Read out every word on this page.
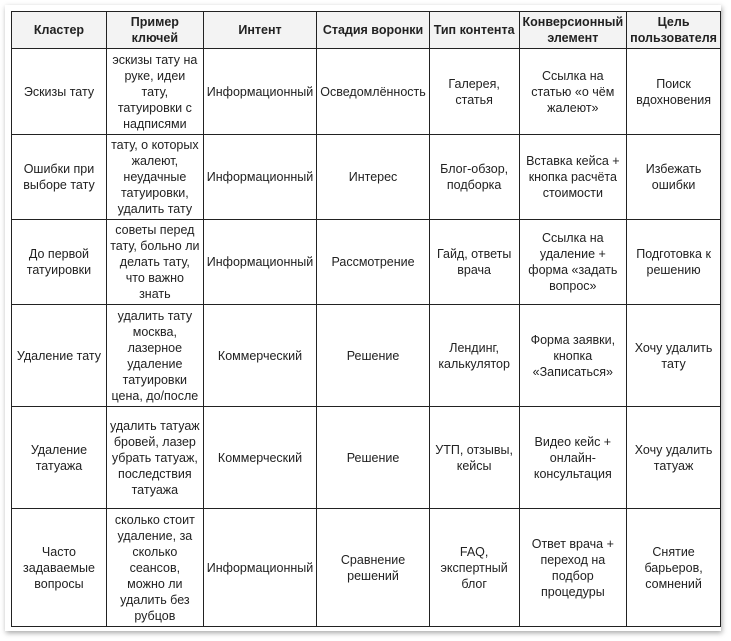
Кластер	Пример ключей	Интент	Стадия воронки	Тип контента	Конверсионный элемент	Цель пользователя
Эскизы тату	эскизы тату на руке, идеи тату, татуировки с надписями	Информационный	Осведомлённость	Галерея, статья	Ссылка на статью «о чём жалеют»	Поиск вдохновения
Ошибки при выборе тату	тату, о которых жалеют, неудачные татуировки, удалить тату	Информационный	Интерес	Блог-обзор, подборка	Вставка кейса + кнопка расчёта стоимости	Избежать ошибки
До первой татуировки	советы перед тату, больно ли делать тату, что важно знать	Информационный	Рассмотрение	Гайд, ответы врача	Ссылка на удаление + форма «задать вопрос»	Подготовка к решению
Удаление тату	удалить тату москва, лазерное удаление татуировки цена, до/после	Коммерческий	Решение	Лендинг, калькулятор	Форма заявки, кнопка «Записаться»	Хочу удалить тату
Удаление татуажа	удалить татуаж бровей, лазер убрать татуаж, последствия татуажа	Коммерческий	Решение	УТП, отзывы, кейсы	Видео кейс + онлайн-консультация	Хочу удалить татуаж
Часто задаваемые вопросы	сколько стоит удаление, за сколько сеансов, можно ли удалить без рубцов	Информационный	Сравнение решений	FAQ, экспертный блог	Ответ врача + переход на подбор процедуры	Снятие барьеров, сомнений
